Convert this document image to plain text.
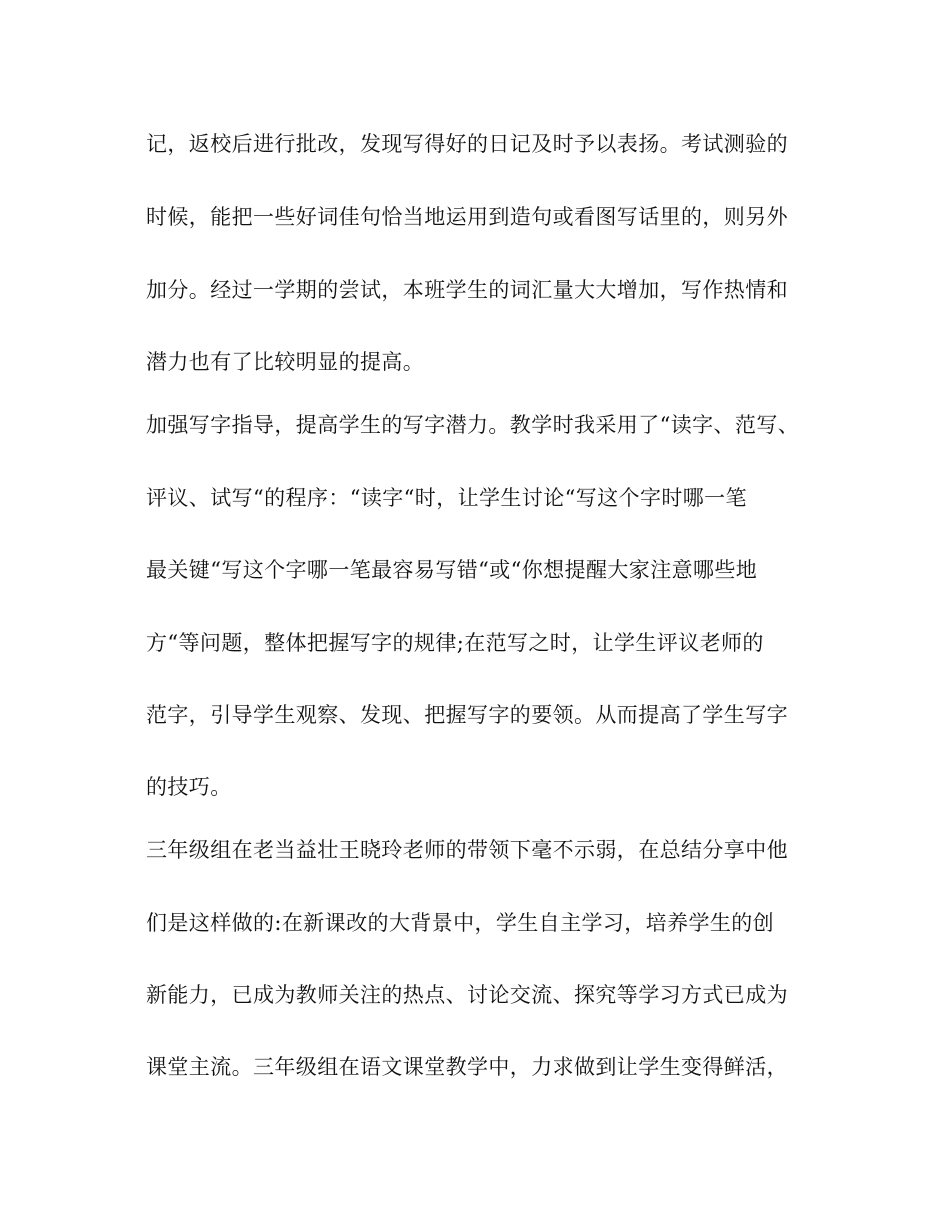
记，返校后进行批改，发现写得好的日记及时予以表扬。考试测验的
时候，能把一些好词佳句恰当地运用到造句或看图写话里的，则另外
加分。经过一学期的尝试，本班学生的词汇量大大增加，写作热情和
潜力也有了比较明显的提高。
加强写字指导，提高学生的写字潜力。教学时我采用了“读字、范写、
评议、试写“的程序：“读字“时，让学生讨论“写这个字时哪一笔
最关键“写这个字哪一笔最容易写错“或“你想提醒大家注意哪些地
方“等问题，整体把握写字的规律;在范写之时，让学生评议老师的
范字，引导学生观察、发现、把握写字的要领。从而提高了学生写字
的技巧。
三年级组在老当益壮王晓玲老师的带领下毫不示弱，在总结分享中他
们是这样做的:在新课改的大背景中，学生自主学习，培养学生的创
新能力，已成为教师关注的热点、讨论交流、探究等学习方式已成为
课堂主流。三年级组在语文课堂教学中，力求做到让学生变得鲜活，
